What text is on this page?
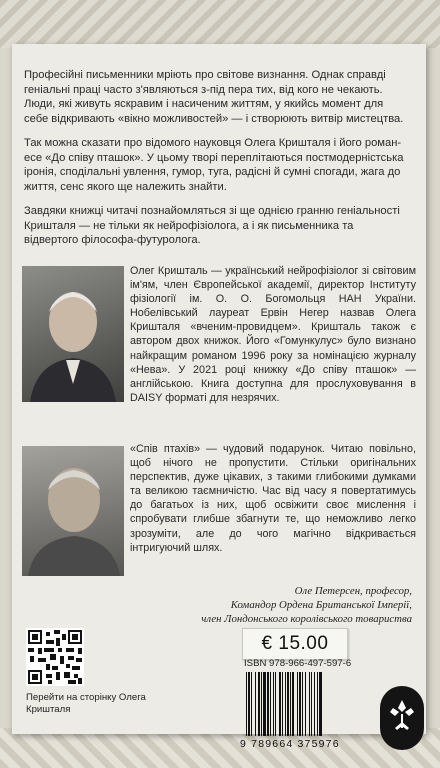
Професійні письменники мріють про світове визнання. Однак справді геніальні праці часто з'являються з-під пера тих, від кого не чекають. Люди, які живуть яскравим і насиченим життям, у якийсь момент для себе відкривають «вікно можливостей» — і створюють витвір мистецтва.

Так можна сказати про відомого науковця Олега Кришталя і його роман-есе «До співу пташок». У цьому творі переплітаються постмодерністська іронія, споділальні увлення, гумор, туга, радісні й сумні спогади, жага до життя, сенс якого ще належить знайти.

Завдяки книжці читачі познайомляться зі ще однією гранню геніальності Кришталя — не тільки як нейрофізіолога, а і як письменника та відвертого філософа-футуролога.

Олег Кришталь — український нейрофізіолог зі світовим ім'ям, член Європейської академії, директор Інституту фізіології ім. О. О. Богомольця НАН України. Нобелівський лауреат Ервін Негер назвав Олега Кришталя «вченим-провидцем». Кришталь також є автором двох книжок. Його «Гомункулус» було визнано найкращим романом 1996 року за номінацією журналу «Нева». У 2021 році книжку «До співу пташок» — англійською. Книга доступна для прослуховування в DAISY форматі для незрячих.

«Спів птахів» — чудовий подарунок. Читаю повільно, щоб нічого не пропустити. Стільки оригінальних перспектив, дуже цікавих, з такими глибокими думками та великою таємничістю. Час від часу я повертатимусь до багатьох із них, щоб освіжити своє мислення і спробувати глибше збагнути те, що неможливо легко зрозуміти, але до чого магічно відкривається інтригуючий шлях.

Оле Петерсен, професор,

Командор Ордена Британської Імперії,

член Лондонського королівського товариства

Перейти на сторінку Олега Кришталя

€ 15.00
ISBN 978-966-497-597-6
9 789664 375976
